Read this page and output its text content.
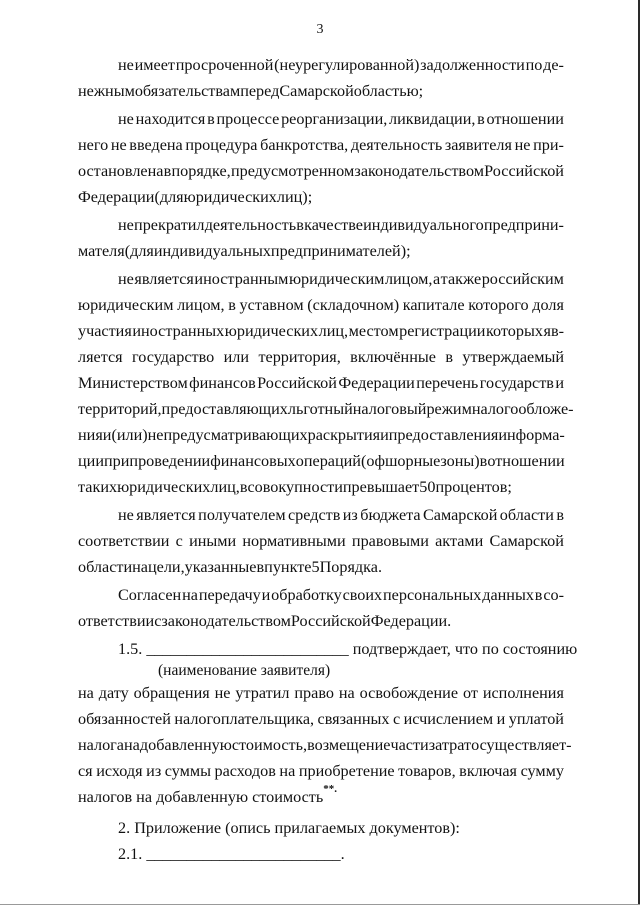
3
не имеет просроченной (неурегулированной) задолженности по де-
нежным обязательствам перед Самарской областью;
не находится в процессе реорганизации, ликвидации, в отношении
него не введена процедура банкротства, деятельность заявителя не при-
остановлена в порядке, предусмотренном законодательством Российской
Федерации (для юридических лиц);
не прекратил деятельность в качестве индивидуального предприни-
мателя (для индивидуальных предпринимателей);
не является иностранным юридическим лицом, а также российским
юридическим лицом, в уставном (складочном) капитале которого доля
участия иностранных юридических лиц, местом регистрации которых яв-
ляется государство или территория, включённые в утверждаемый
Министерством финансов Российской Федерации перечень государств и
территорий, предоставляющих льготный налоговый режим налогообложе-
ния и (или) не предусматривающих раскрытия и предоставления информа-
ции при проведении финансовых операций (офшорные зоны) в отношении
таких юридических лиц, в совокупности превышает 50 процентов;
не является получателем средств из бюджета Самарской области в
соответствии с иными нормативными правовыми актами Самарской
области на цели, указанные в пункте 5 Порядка.
Согласен на передачу и обработку своих персональных данных в со-
ответствии с законодательством Российской Федерации.
1.5. _________________________ подтверждает, что по состоянию
(наименование заявителя)
на дату обращения не утратил право на освобождение от исполнения
обязанностей налогоплательщика, связанных с исчислением и уплатой
налога на добавленную стоимость, возмещение части затрат осуществляет-
ся исходя из суммы расходов на приобретение товаров, включая сумму
налогов на добавленную стоимость **.
2. Приложение (опись прилагаемых документов):
2.1. ________________________.
